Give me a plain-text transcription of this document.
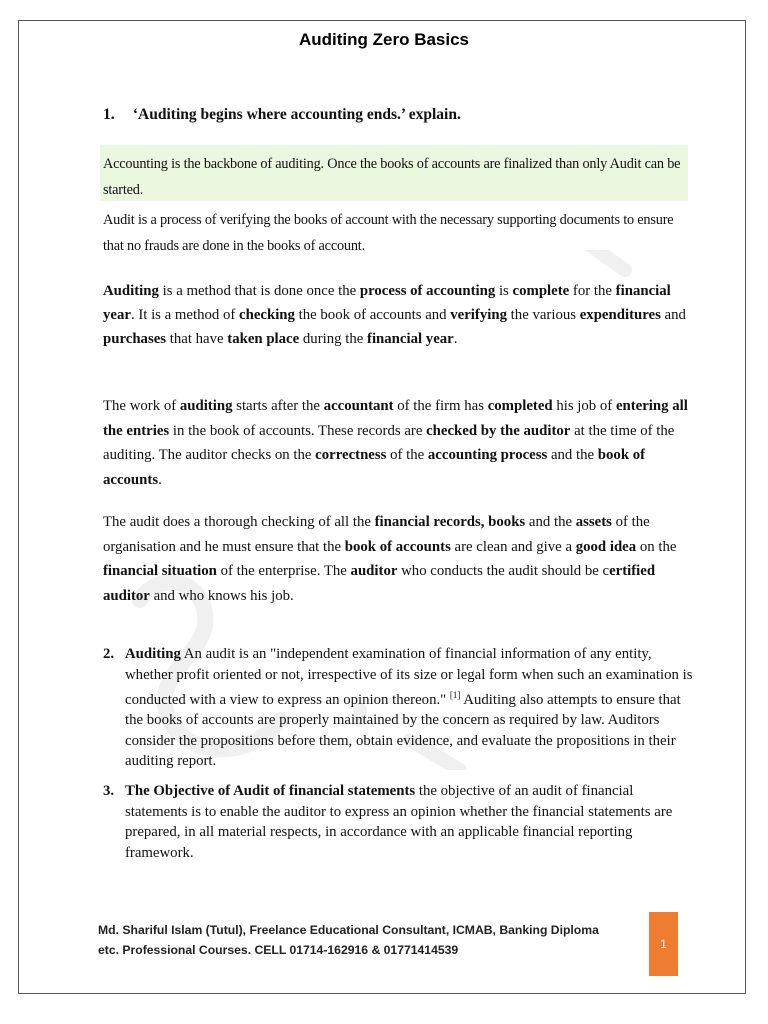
Auditing Zero Basics
1. ‘Auditing begins where accounting ends.’ explain.

Accounting is the backbone of auditing. Once the books of accounts are finalized than only Audit can be started.

Audit is a process of verifying the books of account with the necessary supporting documents to ensure that no frauds are done in the books of account.

Auditing is a method that is done once the process of accounting is complete for the financial year. It is a method of checking the book of accounts and verifying the various expenditures and purchases that have taken place during the financial year.

The work of auditing starts after the accountant of the firm has completed his job of entering all the entries in the book of accounts. These records are checked by the auditor at the time of the auditing. The auditor checks on the correctness of the accounting process and the book of accounts.

The audit does a thorough checking of all the financial records, books and the assets of the organisation and he must ensure that the book of accounts are clean and give a good idea on the financial situation of the enterprise. The auditor who conducts the audit should be certified auditor and who knows his job.

2. Auditing An audit is an "independent examination of financial information of any entity, whether profit oriented or not, irrespective of its size or legal form when such an examination is conducted with a view to express an opinion thereon." [1] Auditing also attempts to ensure that the books of accounts are properly maintained by the concern as required by law. Auditors consider the propositions before them, obtain evidence, and evaluate the propositions in their auditing report.
3. The Objective of Audit of financial statements the objective of an audit of financial statements is to enable the auditor to express an opinion whether the financial statements are prepared, in all material respects, in accordance with an applicable financial reporting framework.
Md. Shariful Islam (Tutul), Freelance Educational Consultant, ICMAB, Banking Diploma
etc. Professional Courses. CELL 01714-162916 & 01771414539	1
